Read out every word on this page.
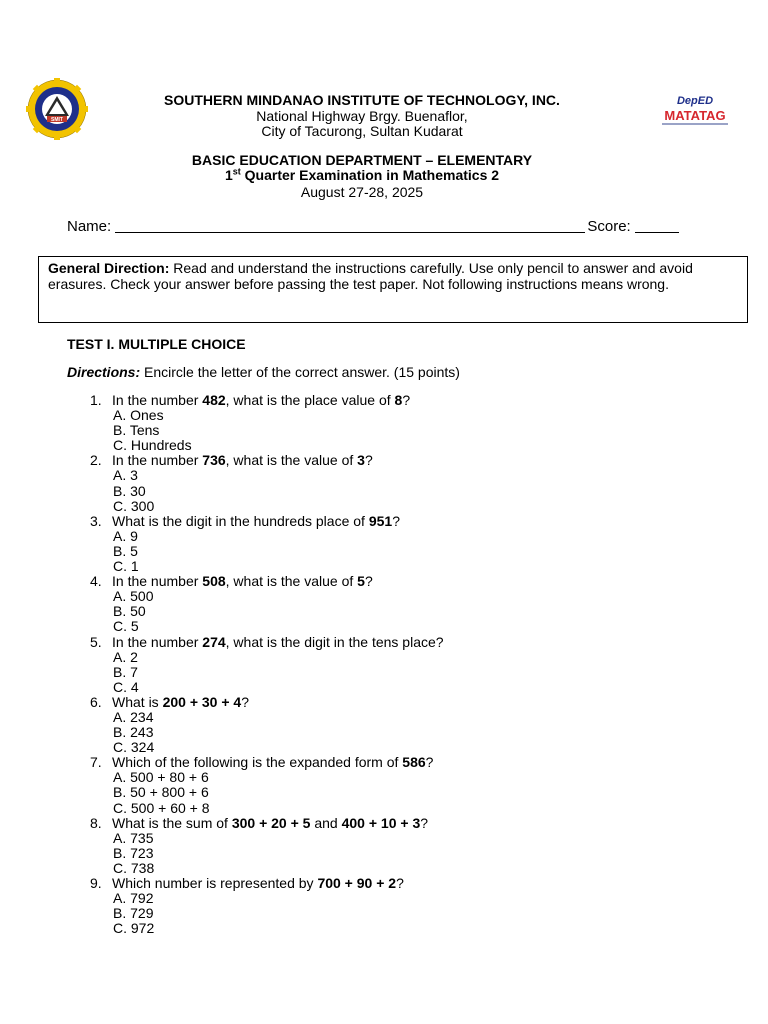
SMIT
DepED
MATATAG
SOUTHERN MINDANAO INSTITUTE OF TECHNOLOGY, INC.
National Highway Brgy. Buenaflor,
City of Tacurong, Sultan Kudarat
BASIC EDUCATION DEPARTMENT – ELEMENTARY
1st Quarter Examination in Mathematics 2
August 27-28, 2025
Name:	Score:
General Direction: Read and understand the instructions carefully. Use only pencil to answer and avoid erasures. Check your answer before passing the test paper. Not following instructions means wrong.
TEST I. MULTIPLE CHOICE
Directions: Encircle the letter of the correct answer. (15 points)
1. In the number 482, what is the place value of 8?
A. Ones
B. Tens
C. Hundreds
2. In the number 736, what is the value of 3?
A. 3
B. 30
C. 300
3. What is the digit in the hundreds place of 951?
A. 9
B. 5
C. 1
4. In the number 508, what is the value of 5?
A. 500
B. 50
C. 5
5. In the number 274, what is the digit in the tens place?
A. 2
B. 7
C. 4
6. What is 200 + 30 + 4?
A. 234
B. 243
C. 324
7. Which of the following is the expanded form of 586?
A. 500 + 80 + 6
B. 50 + 800 + 6
C. 500 + 60 + 8
8. What is the sum of 300 + 20 + 5 and 400 + 10 + 3?
A. 735
B. 723
C. 738
9. Which number is represented by 700 + 90 + 2?
A. 792
B. 729
C. 972
